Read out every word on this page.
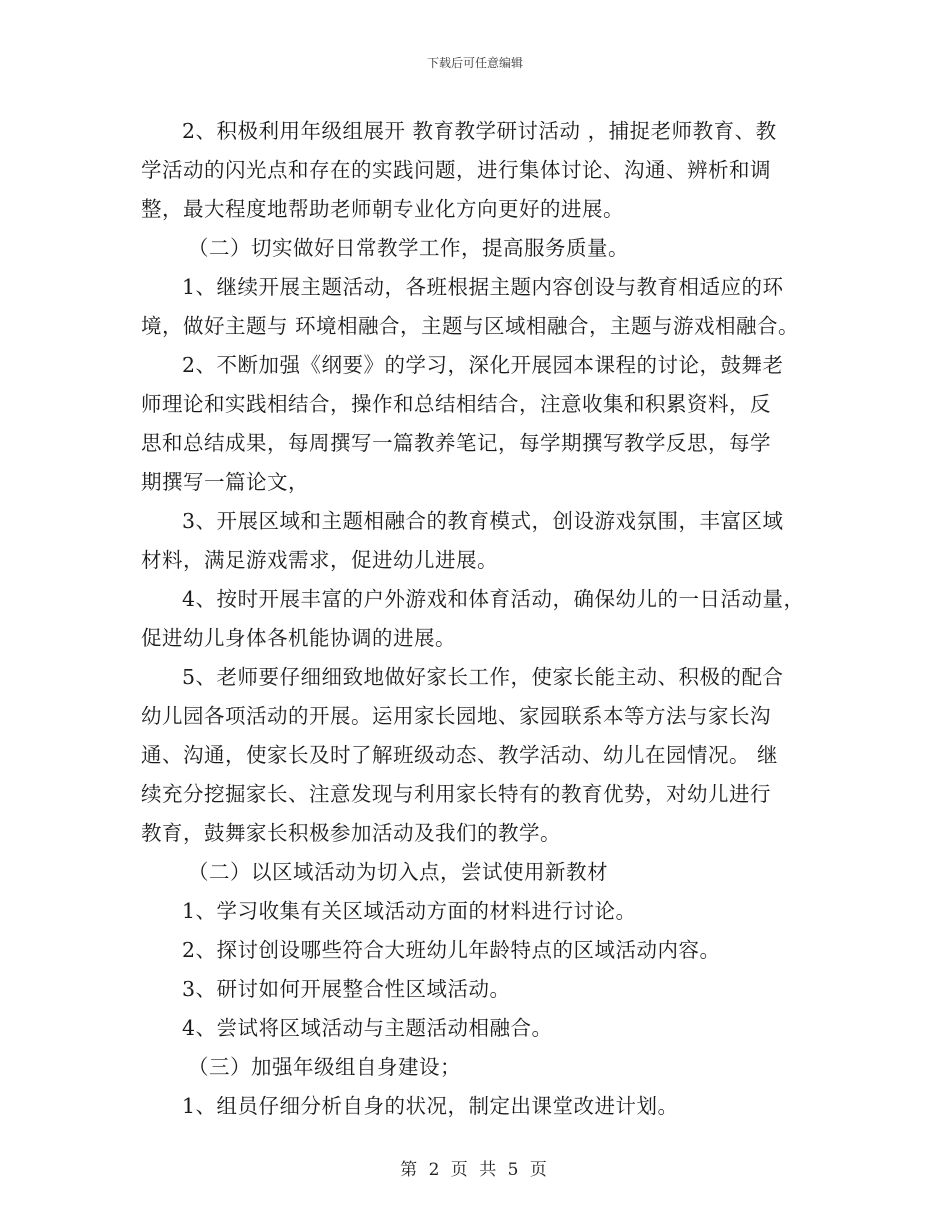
下载后可任意编辑
2、积极利用年级组展开 教育教学研讨活动 ，捕捉老师教育、教
学活动的闪光点和存在的实践问题，进行集体讨论、沟通、辨析和调
整，最大程度地帮助老师朝专业化方向更好的进展。
（二）切实做好日常教学工作，提高服务质量。
1、继续开展主题活动，各班根据主题内容创设与教育相适应的环
境，做好主题与 环境相融合，主题与区域相融合，主题与游戏相融合。
2、不断加强《纲要》的学习，深化开展园本课程的讨论，鼓舞老
师理论和实践相结合，操作和总结相结合，注意收集和积累资料，反
思和总结成果，每周撰写一篇教养笔记，每学期撰写教学反思，每学
期撰写一篇论文，
3、开展区域和主题相融合的教育模式，创设游戏氛围，丰富区域
材料，满足游戏需求，促进幼儿进展。
4、按时开展丰富的户外游戏和体育活动，确保幼儿的一日活动量，
促进幼儿身体各机能协调的进展。
5、老师要仔细细致地做好家长工作，使家长能主动、积极的配合
幼儿园各项活动的开展。运用家长园地、家园联系本等方法与家长沟
通、沟通，使家长及时了解班级动态、教学活动、幼儿在园情况。 继
续充分挖掘家长、注意发现与利用家长特有的教育优势，对幼儿进行
教育，鼓舞家长积极参加活动及我们的教学。
（二）以区域活动为切入点，尝试使用新教材
1、学习收集有关区域活动方面的材料进行讨论。
2、探讨创设哪些符合大班幼儿年龄特点的区域活动内容。
3、研讨如何开展整合性区域活动。
4、尝试将区域活动与主题活动相融合。
（三）加强年级组自身建设；
1、组员仔细分析自身的状况，制定出课堂改进计划。
第 2 页 共 5 页
